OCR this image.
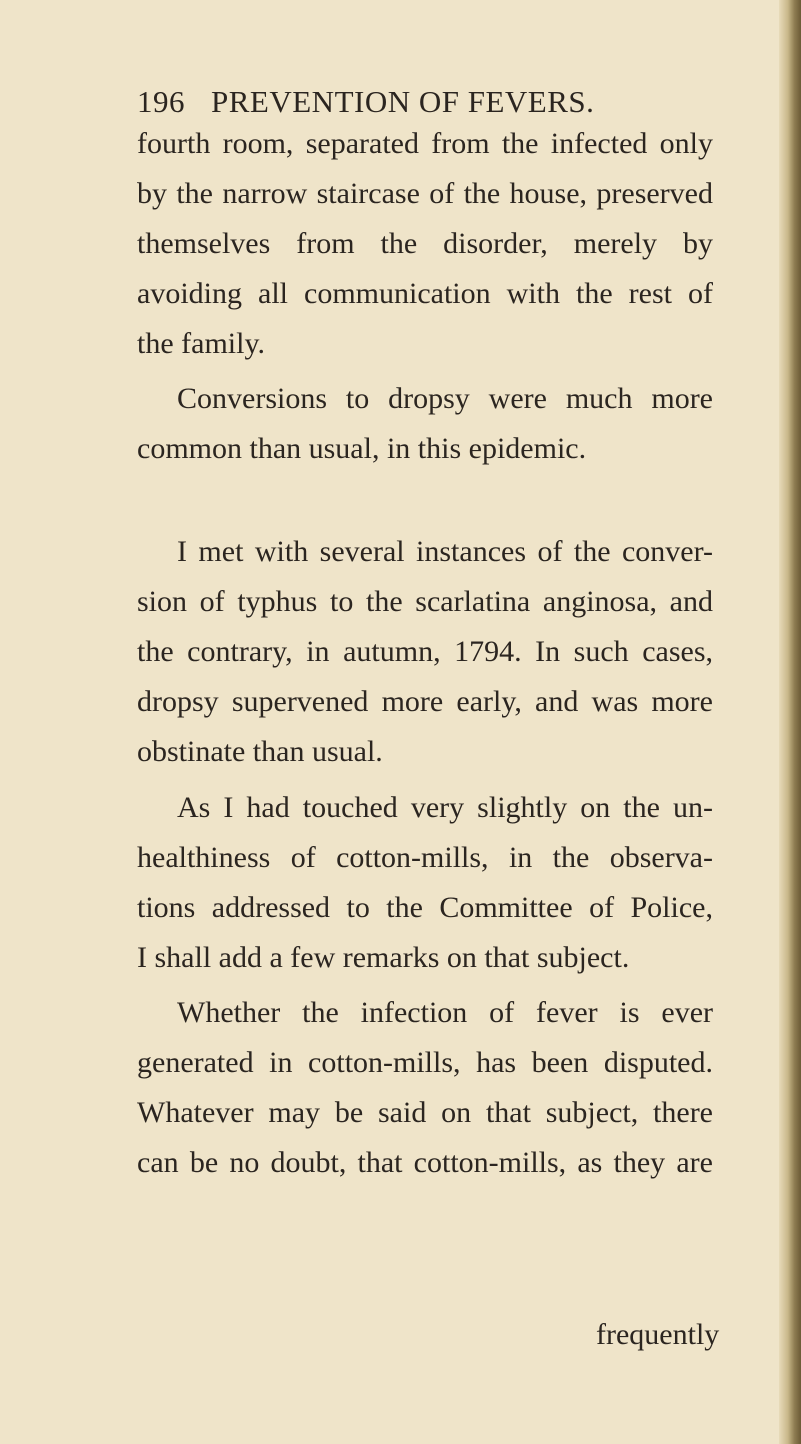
196 PREVENTION OF FEVERS.

fourth room, separated from the infected only
by the narrow staircase of the house, preserved
themselves from the disorder, merely by
avoiding all communication with the rest of
the family.

Conversions to dropsy were much more

common than usual, in this epidemic.

I met with several instances of the conver-

sion of typhus to the scarlatina anginosa, and
the contrary, in autumn, 1794. In such cases,
dropsy supervened more early, and was more
obstinate than usual.

As I had touched very slightly on the un-

healthiness of cotton-mills, in the observa-
tions addressed to the Committee of Police,
I shall add a few remarks on that subject.

Whether the infection of fever is ever

generated in cotton-mills, has been disputed.
Whatever may be said on that subject, there
can be no doubt, that cotton-mills, as they are

frequently
